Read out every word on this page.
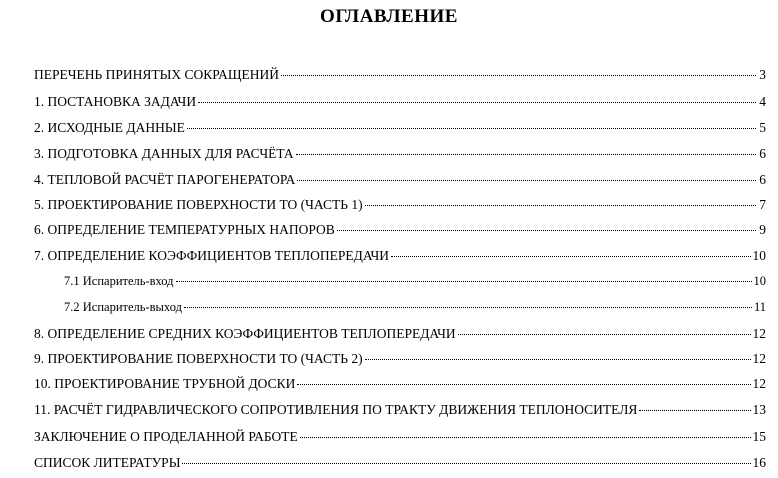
ОГЛАВЛЕНИЕ
ПЕРЕЧЕНЬ ПРИНЯТЫХ СОКРАЩЕНИЙ	3
1. ПОСТАНОВКА ЗАДАЧИ	4
2. ИСХОДНЫЕ ДАННЫЕ	5
3. ПОДГОТОВКА ДАННЫХ ДЛЯ РАСЧЁТА	6
4. ТЕПЛОВОЙ РАСЧЁТ ПАРОГЕНЕРАТОРА	6
5. ПРОЕКТИРОВАНИЕ ПОВЕРХНОСТИ ТО (ЧАСТЬ 1)	7
6. ОПРЕДЕЛЕНИЕ ТЕМПЕРАТУРНЫХ НАПОРОВ	9
7. ОПРЕДЕЛЕНИЕ КОЭФФИЦИЕНТОВ ТЕПЛОПЕРЕДАЧИ	10
7.1 Испаритель-вход	10
7.2 Испаритель-выход	11
8. ОПРЕДЕЛЕНИЕ СРЕДНИХ КОЭФФИЦИЕНТОВ ТЕПЛОПЕРЕДАЧИ	12
9. ПРОЕКТИРОВАНИЕ ПОВЕРХНОСТИ ТО (ЧАСТЬ 2)	12
10. ПРОЕКТИРОВАНИЕ ТРУБНОЙ ДОСКИ	12
11. РАСЧЁТ ГИДРАВЛИЧЕСКОГО СОПРОТИВЛЕНИЯ ПО ТРАКТУ ДВИЖЕНИЯ ТЕПЛОНОСИТЕЛЯ	13
ЗАКЛЮЧЕНИЕ О ПРОДЕЛАННОЙ РАБОТЕ	15
СПИСОК ЛИТЕРАТУРЫ	16
